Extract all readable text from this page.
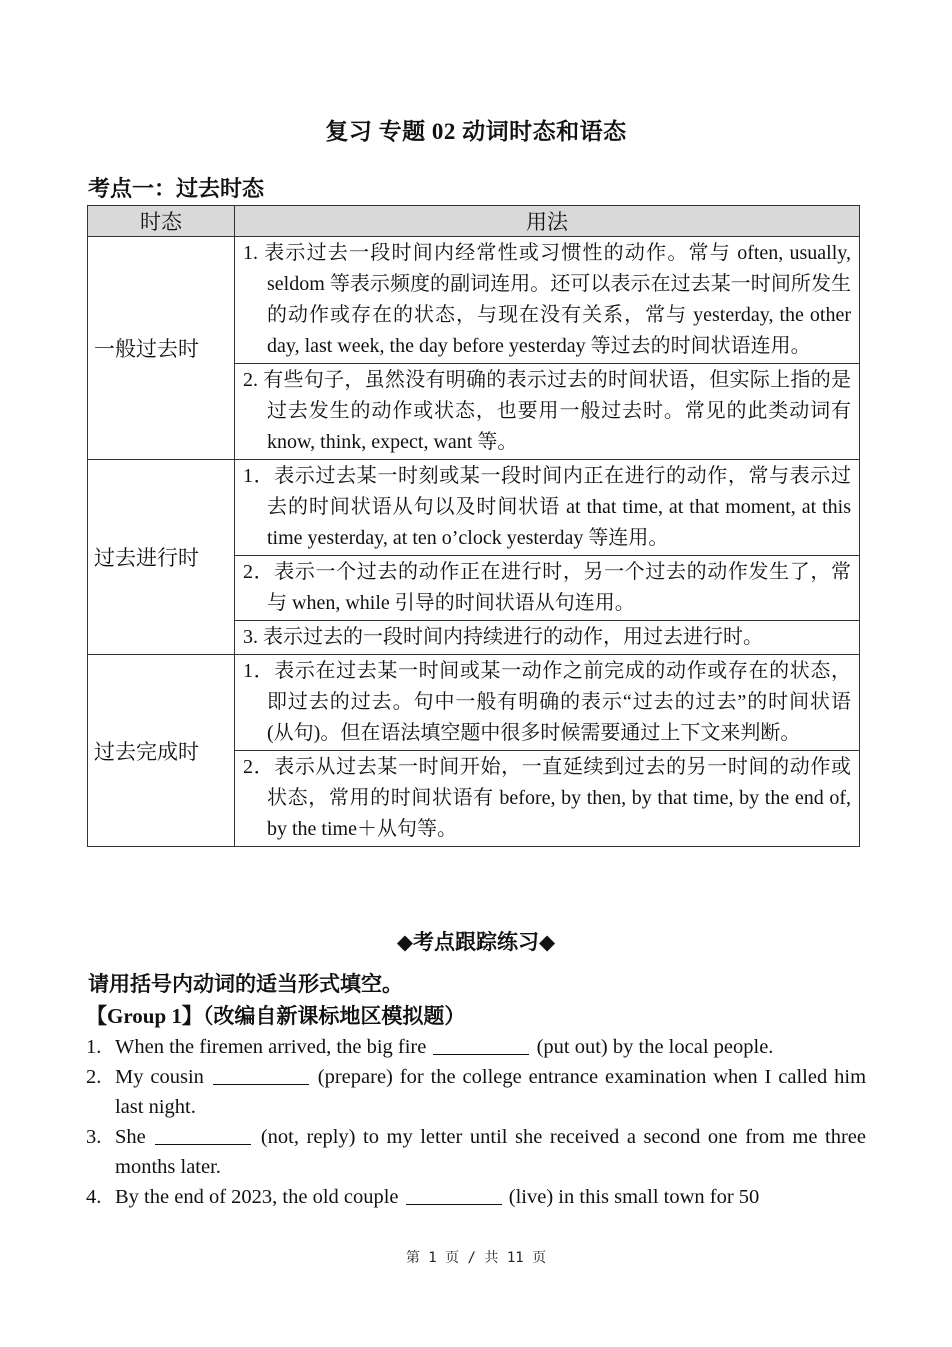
复习 专题 02 动词时态和语态
考点一：过去时态
时态	用法
一般过去时	1. 表示过去一段时间内经常性或习惯性的动作。常与 often, usually, seldom 等表示频度的副词连用。还可以表示在过去某一时间所发生的动作或存在的状态，与现在没有关系，常与 yesterday, the other day, last week, the day before yesterday 等过去的时间状语连用。

	2. 有些句子，虽然没有明确的表示过去的时间状语，但实际上指的是过去发生的动作或状态，也要用一般过去时。常见的此类动词有 know, think, expect, want 等。

过去进行时	1．表示过去某一时刻或某一段时间内正在进行的动作，常与表示过去的时间状语从句以及时间状语 at that time, at that moment, at this time yesterday, at ten o’clock yesterday 等连用。

	2．表示一个过去的动作正在进行时，另一个过去的动作发生了，常与 when, while 引导的时间状语从句连用。

	3. 表示过去的一段时间内持续进行的动作，用过去进行时。

过去完成时	1．表示在过去某一时间或某一动作之前完成的动作或存在的状态，即过去的过去。句中一般有明确的表示“过去的过去”的时间状语(从句)。但在语法填空题中很多时候需要通过上下文来判断。

	2．表示从过去某一时间开始，一直延续到过去的另一时间的动作或状态，常用的时间状语有 before, by then, by that time, by the end of, by the time＋从句等。
◆考点跟踪练习◆
请用括号内动词的适当形式填空。
【Group 1】（改编自新课标地区模拟题）
1. When the firemen arrived, the big fire	(put out) by the local people.
2. My cousin	(prepare) for the college entrance examination when I called him last night.
3. She	(not, reply) to my letter until she received a second one from me three months later.
4. By the end of 2023, the old couple	(live) in this small town for 50
第 1 页 / 共 11 页
